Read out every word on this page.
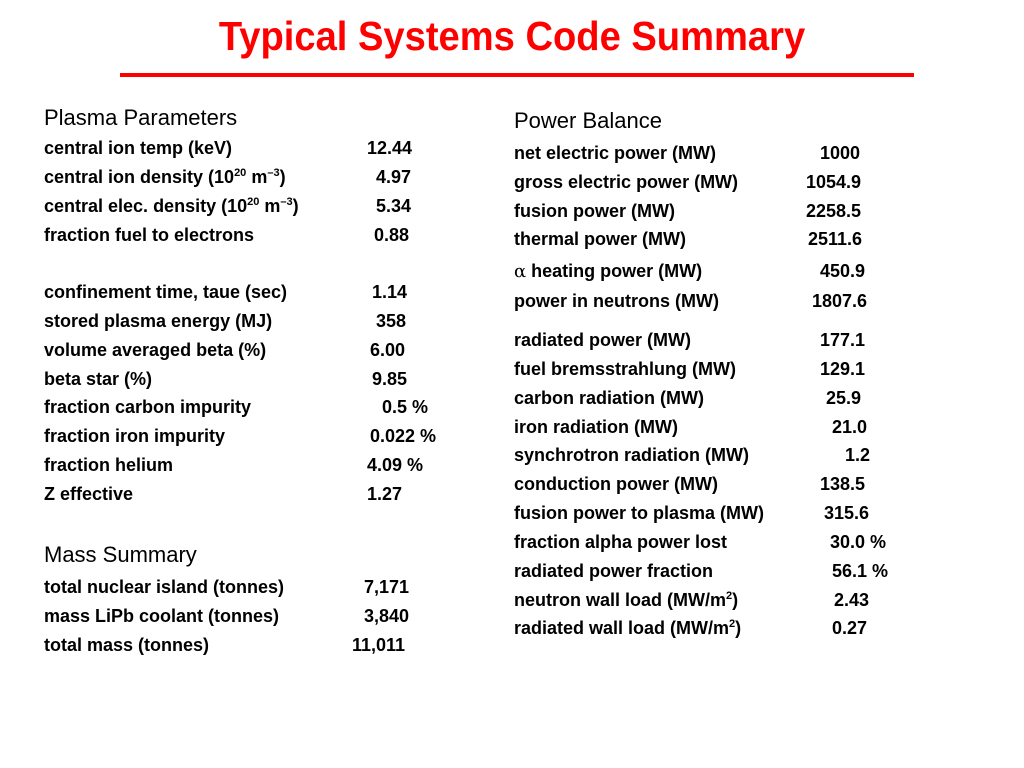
Typical Systems Code Summary
Plasma Parameters
Mass Summary
Power Balance
central ion temp (keV)	12.44
central ion density ($10^{20}$ $m^{-3}$)	4.97
central elec. density ($10^{20}$ $m^{-3}$)	5.34
fraction fuel to electrons	0.88
confinement time, taue (sec)	1.14
stored plasma energy (MJ)	358
volume averaged beta (%)	6.00
beta star (%)	9.85
fraction carbon impurity	0.5 %
fraction iron impurity	0.022 %
fraction helium	4.09 %
Z effective	1.27
total nuclear island (tonnes)	7,171
mass LiPb coolant (tonnes)	3,840
total mass (tonnes)	11,011
net electric power (MW)	1000
gross electric power (MW)	1054.9
fusion power (MW)	2258.5
thermal power (MW)	2511.6
α heating power (MW)	450.9
power in neutrons (MW)	1807.6
radiated power (MW)	177.1
fuel bremsstrahlung (MW)	129.1
carbon radiation (MW)	25.9
iron radiation (MW)	21.0
synchrotron radiation (MW)	1.2
conduction power (MW)	138.5
fusion power to plasma (MW)	315.6
fraction alpha power lost	30.0 %
radiated power fraction	56.1 %
neutron wall load $(MW/m^2)$	2.43
radiated wall load $(MW/m^2)$	0.27
